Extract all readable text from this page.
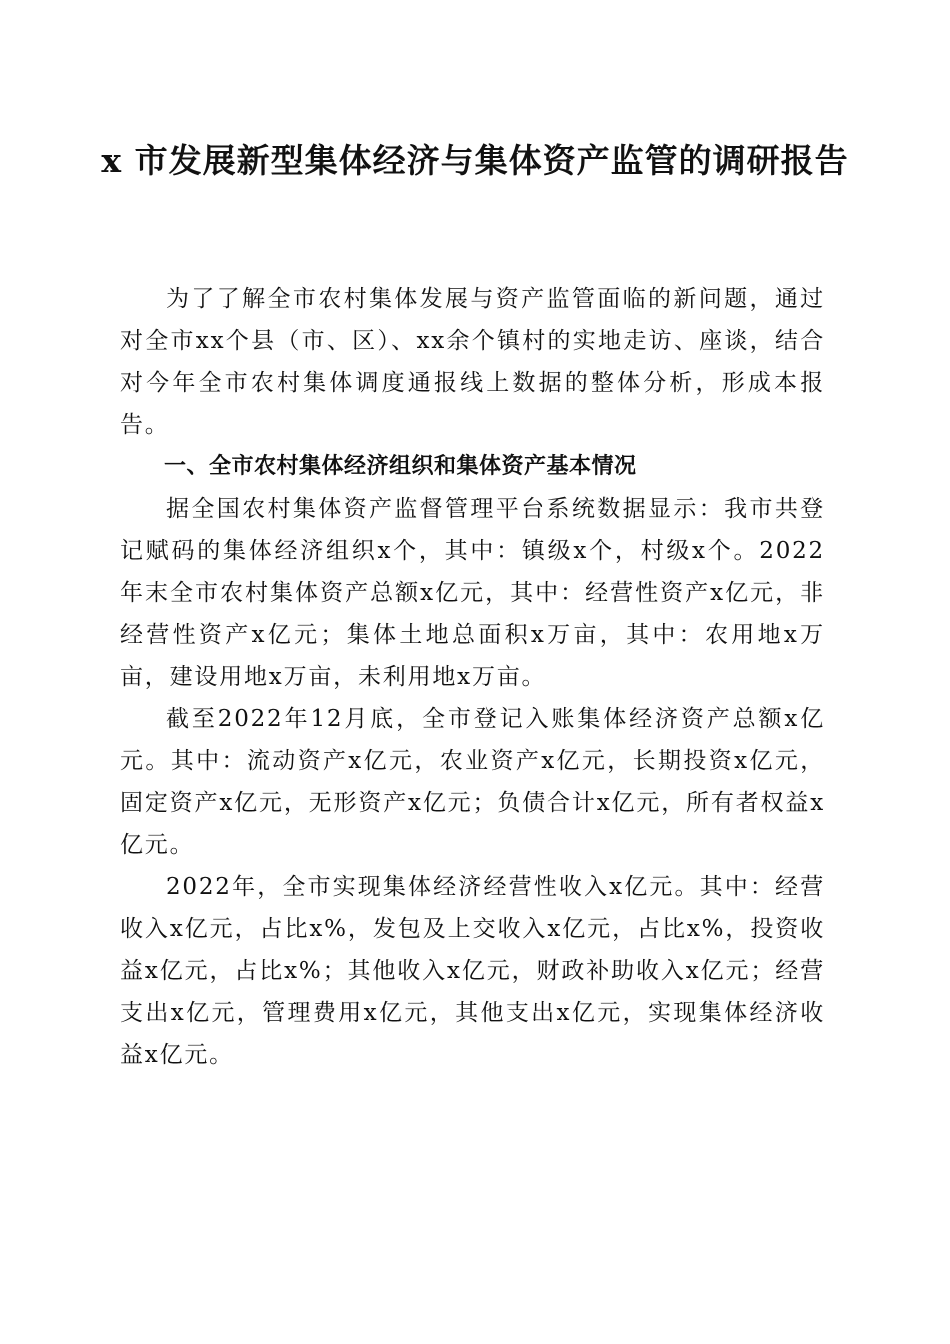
x 市发展新型集体经济与集体资产监管的调研报告

为了了解全市农村集体发展与资产监管面临的新问题，通过对全市xx个县（市、区）、xx余个镇村的实地走访、座谈，结合对今年全市农村集体调度通报线上数据的整体分析，形成本报告。

一、全市农村集体经济组织和集体资产基本情况

据全国农村集体资产监督管理平台系统数据显示：我市共登记赋码的集体经济组织x个，其中：镇级x个，村级x个。2022年末全市农村集体资产总额x亿元，其中：经营性资产x亿元，非经营性资产x亿元；集体土地总面积x万亩，其中：农用地x万亩，建设用地x万亩，未利用地x万亩。

截至2022年12月底，全市登记入账集体经济资产总额x亿元。其中：流动资产x亿元，农业资产x亿元，长期投资x亿元，固定资产x亿元，无形资产x亿元；负债合计x亿元，所有者权益x亿元。

2022年，全市实现集体经济经营性收入x亿元。其中：经营收入x亿元，占比x%，发包及上交收入x亿元，占比x%，投资收益x亿元，占比x%；其他收入x亿元，财政补助收入x亿元；经营支出x亿元，管理费用x亿元，其他支出x亿元，实现集体经济收益x亿元。
